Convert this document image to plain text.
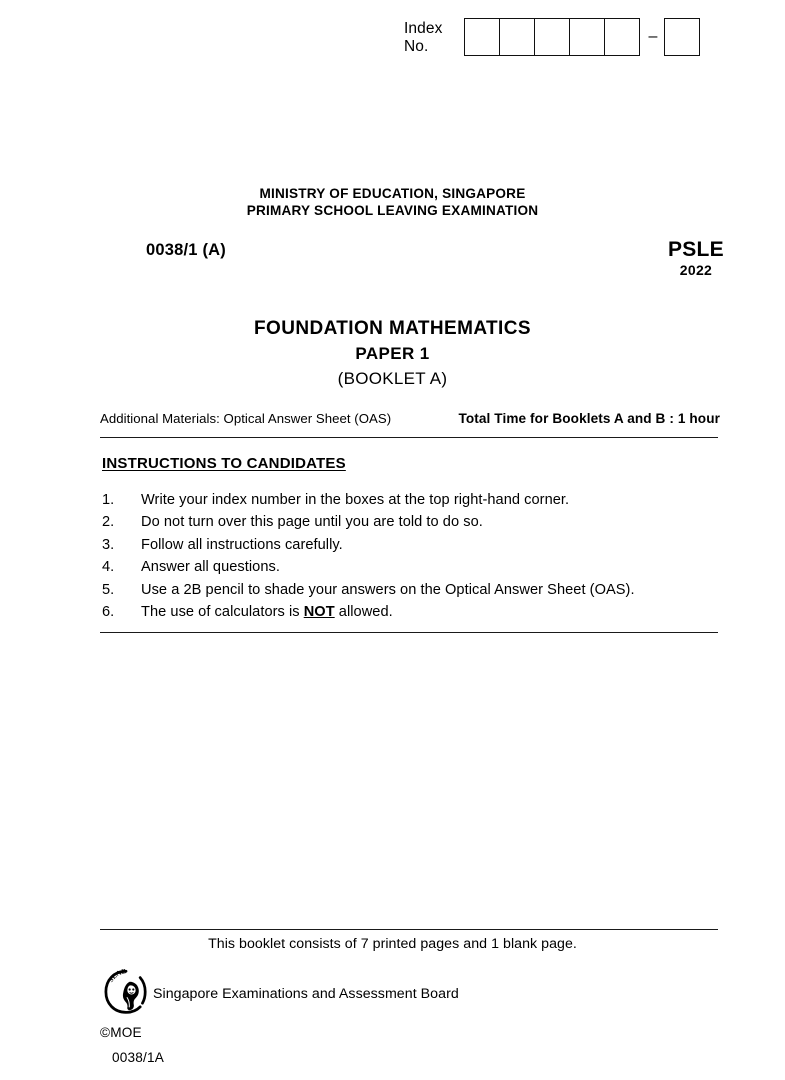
Index
No.
–
MINISTRY OF EDUCATION, SINGAPORE
PRIMARY SCHOOL LEAVING EXAMINATION
0038/1 (A)	PSLE
2022
FOUNDATION MATHEMATICS
PAPER 1
(BOOKLET A)
Additional Materials: Optical Answer Sheet (OAS)	Total Time for Booklets A and B : 1 hour
INSTRUCTIONS TO CANDIDATES
1.	Write your index number in the boxes at the top right-hand corner.
2.	Do not turn over this page until you are told to do so.
3.	Follow all instructions carefully.
4.	Answer all questions.
5.	Use a 2B pencil to shade your answers on the Optical Answer Sheet (OAS).
6.	The use of calculators is NOT allowed.
This booklet consists of 7 printed pages and 1 blank page.
SEAB
Singapore Examinations and Assessment Board
©MOE
0038/1A
